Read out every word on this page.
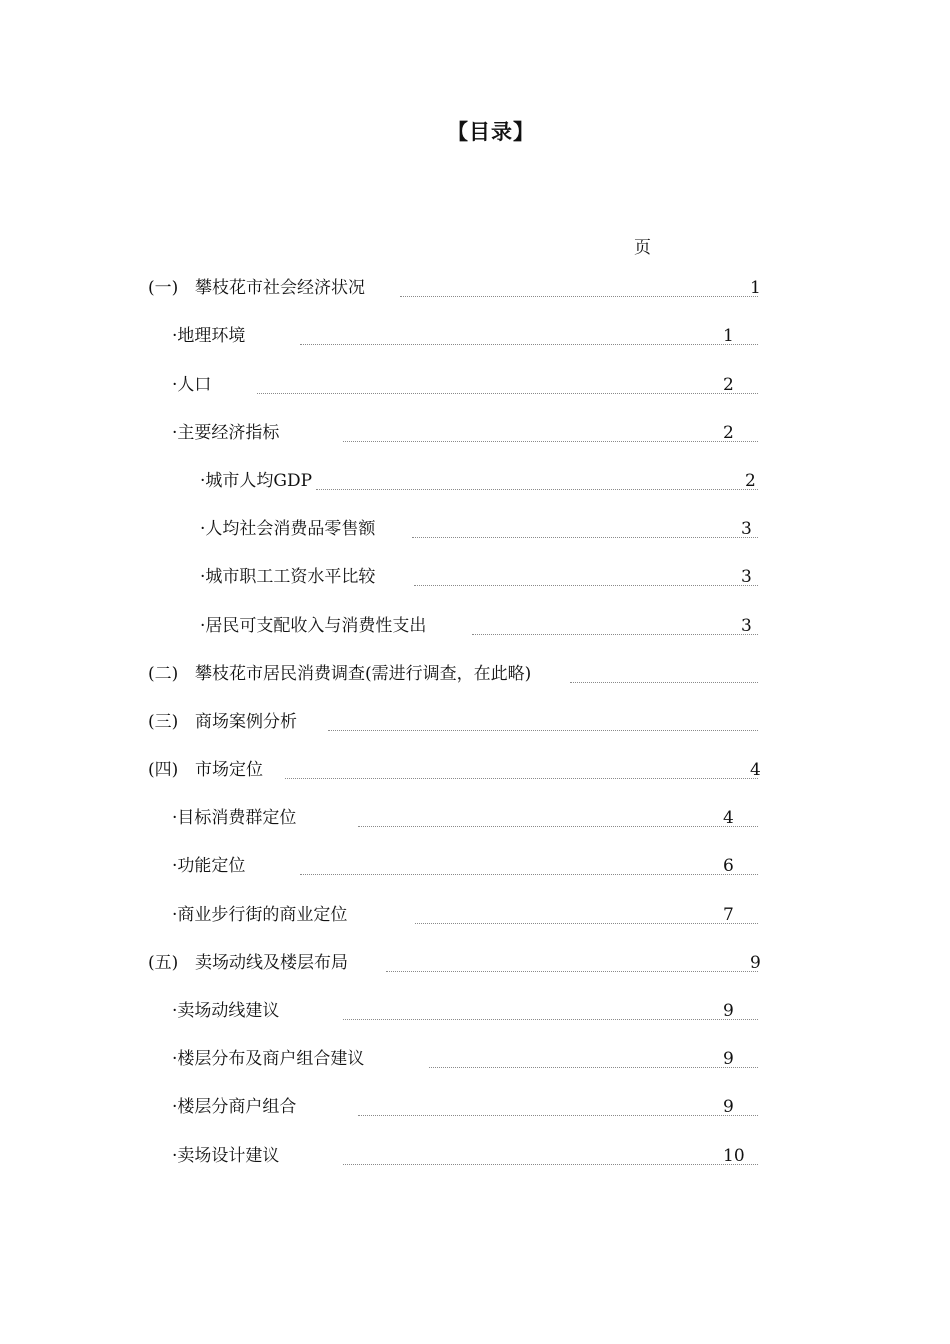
【目录】
页
(一) 攀枝花市社会经济状况	1
·地理环境	1
·人口	2
·主要经济指标	2
·城市人均GDP	2
·人均社会消费品零售额	3
·城市职工工资水平比较	3
·居民可支配收入与消费性支出	3
(二) 攀枝花市居民消费调查(需进行调查，在此略)
(三) 商场案例分析
(四) 市场定位	4
·目标消费群定位	4
·功能定位	6
·商业步行街的商业定位	7
(五) 卖场动线及楼层布局	9
·卖场动线建议	9
·楼层分布及商户组合建议	9
·楼层分商户组合	9
·卖场设计建议	10
